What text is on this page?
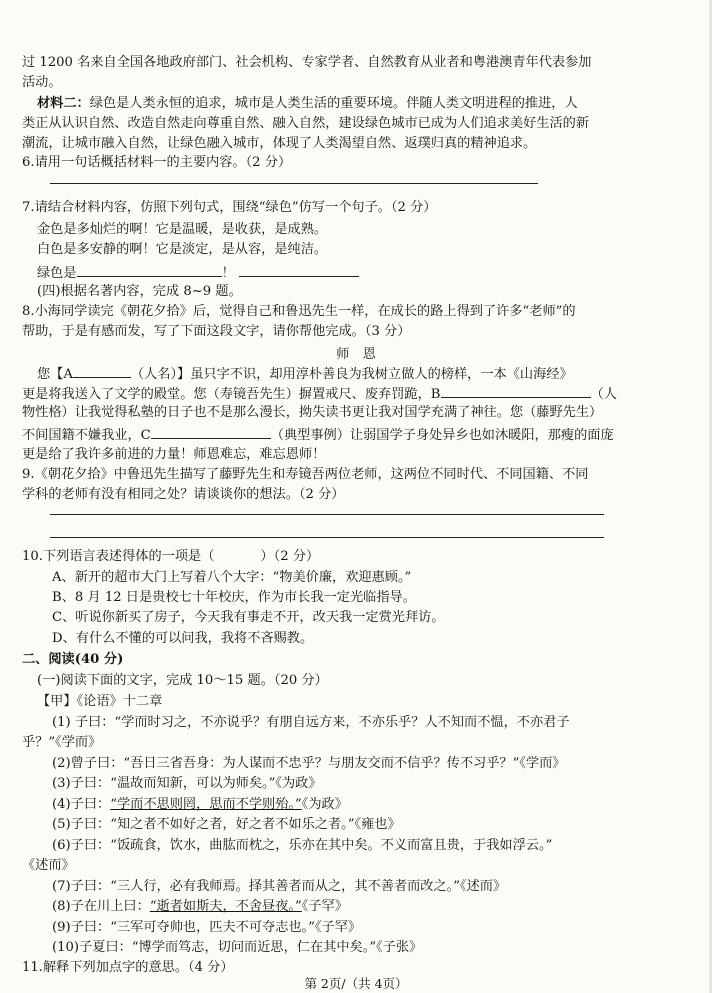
过 1200 名来自全国各地政府部门、社会机构、专家学者、自然教育从业者和粤港澳青年代表参加
活动。
材料二：绿色是人类永恒的追求，城市是人类生活的重要环境。伴随人类文明进程的推进，人
类正从认识自然、改造自然走向尊重自然、融入自然，建设绿色城市已成为人们追求美好生活的新
潮流，让城市融入自然，让绿色融入城市，体现了人类渴望自然、返璞归真的精神追求。
6.请用一句话概括材料一的主要内容。（2 分）
7.请结合材料内容，仿照下列句式，围绕“绿色”仿写一个句子。（2 分）
金色是多灿烂的啊！它是温暖，是收获，是成熟。
白色是多安静的啊！它是淡定，是从容，是纯洁。
绿色是	！
(四)根据名著内容，完成 8~9 题。
8.小海同学读完《朝花夕拾》后，觉得自己和鲁迅先生一样，在成长的路上得到了许多“老师”的
帮助，于是有感而发，写了下面这段文字，请你帮他完成。（3 分）
师　恩
您【A	（人名）】虽只字不识，却用淳朴善良为我树立做人的榜样，一本《山海经》
更是将我送入了文学的殿堂。您（寿镜吾先生）摒置戒尺、废弃罚跪，B	（人
物性格）让我觉得私塾的日子也不是那么漫长，拗失读书更让我对国学充满了神往。您（藤野先生）
不间国籍不嫌我业，C	（典型事例）让弱国学子身处异乡也如沐暖阳，那瘦的面庞
更是给了我许多前进的力量！师恩难忘，难忘恩师！
9.《朝花夕拾》中鲁迅先生描写了藤野先生和寿镜吾两位老师，这两位不同时代、不同国籍、不同
学科的老师有没有相同之处？请谈谈你的想法。（2 分）
10.下列语言表述得体的一项是（	）（2 分）
A、新开的超市大门上写着八个大字：“物美价廉，欢迎惠顾。”
B、8 月 12 日是贵校七十年校庆，作为市长我一定光临指导。
C、听说你新买了房子，今天我有事走不开，改天我一定赏光拜访。
D、有什么不懂的可以问我，我将不吝赐教。
二、阅读(40 分)
(一)阅读下面的文字，完成 10～15 题。（20 分）
【甲】《论语》十二章
(1) 子曰：“学而时习之，不亦说乎？有朋自远方来，不亦乐乎？人不知而不愠，不亦君子
乎？”《学而》
(2)曾子曰：“吾日三省吾身：为人谋而不忠乎？与朋友交而不信乎？传不习乎？”《学而》
(3)子曰：“温故而知新，可以为师矣。”《为政》
(4)子曰：“学而不思则罔，思而不学则殆。”《为政》
(5)子曰：“知之者不如好之者，好之者不如乐之者。”《雍也》
(6)子曰：“饭疏食，饮水，曲肱而枕之，乐亦在其中矣。不义而富且贵，于我如浮云。”
《述而》
(7)子曰：“三人行，必有我师焉。择其善者而从之，其不善者而改之。”《述而》
(8)子在川上曰：“逝者如斯夫，不舍昼夜。”《子罕》
(9)子曰：“三军可夺帅也，匹夫不可夺志也。”《子罕》
(10)子夏曰：“博学而笃志，切问而近思，仁在其中矣。”《子张》
11.解释下列加点字的意思。（4 分）
第 2页/（共 4页）
